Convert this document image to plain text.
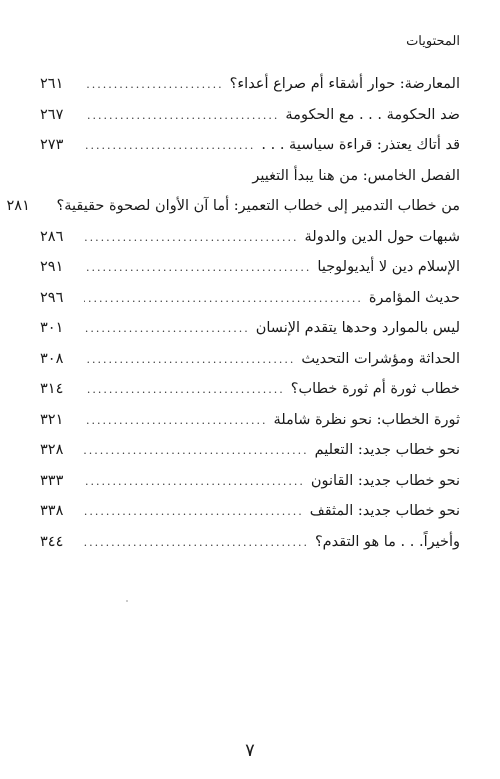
المحتويات
المعارضة: حوار أشقاء أم صراع أعداء؟
.....
٢٦١
ضد الحكومة . . . مع الحكومة
.....
٢٦٧
قد أتاك يعتذر: قراءة سياسية . . .
.....
٢٧٣
الفصل الخامس: من هنا يبدأ التغيير
من خطاب التدمير إلى خطاب التعمير: أما آن الأوان لصحوة حقيقية؟
٢٨١
شبهات حول الدين والدولة
.....
٢٨٦
الإسلام دين لا أيديولوجيا
.....
٢٩١
حديث المؤامرة
.....
٢٩٦
ليس بالموارد وحدها يتقدم الإنسان
.....
٣٠١
الحداثة ومؤشرات التحديث
.....
٣٠٨
خطاب ثورة أم ثورة خطاب؟
.....
٣١٤
ثورة الخطاب: نحو نظرة شاملة
.....
٣٢١
نحو خطاب جديد: التعليم
.....
٣٢٨
نحو خطاب جديد: القانون
.....
٣٣٣
نحو خطاب جديد: المثقف
.....
٣٣٨
وأخيراً. . . ما هو التقدم؟
.....
٣٤٤
٧
